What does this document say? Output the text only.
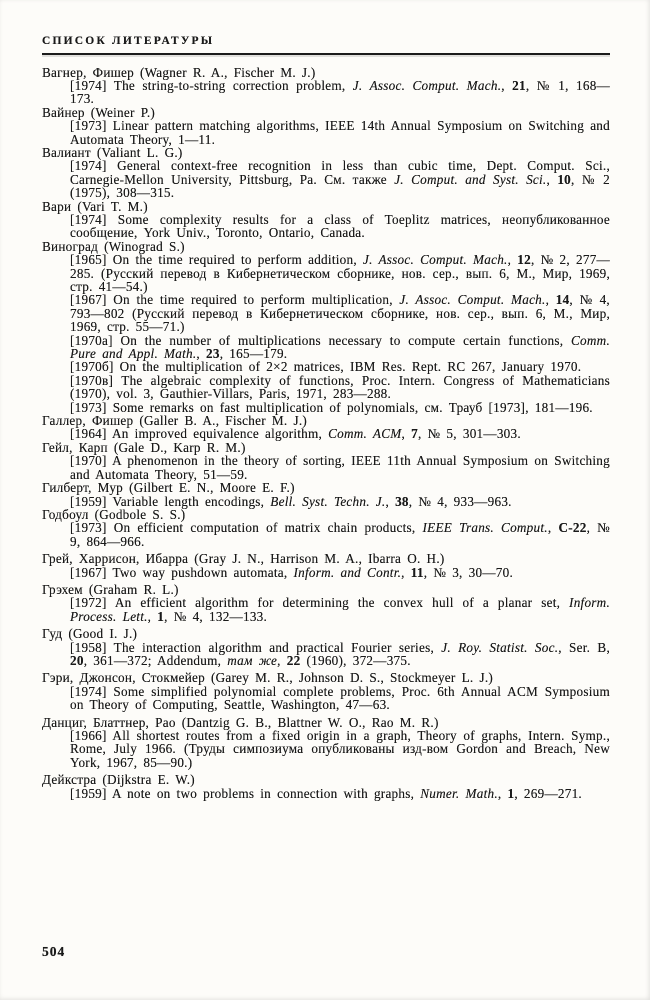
СПИСОК ЛИТЕРАТУРЫ
Вагнер, Фишер (Wagner R. A., Fischer M. J.)
[1974] The string-to-string correction problem, J. Assoc. Comput. Mach., 21, № 1, 168—173.
Вайнер (Weiner P.)
[1973] Linear pattern matching algorithms, IEEE 14th Annual Symposium on Switching and Automata Theory, 1—11.
Валиант (Valiant L. G.)
[1974] General context-free recognition in less than cubic time, Dept. Comput. Sci., Carnegie-Mellon University, Pittsburg, Pa. См. также J. Comput. and Syst. Sci., 10, № 2 (1975), 308—315.
Вари (Vari T. M.)
[1974] Some complexity results for a class of Toeplitz matrices, неопубликованное сообщение, York Univ., Toronto, Ontario, Canada.
Виноград (Winograd S.)
[1965] On the time required to perform addition, J. Assoc. Comput. Mach., 12, № 2, 277—285. (Русский перевод в Кибернетическом сборнике, нов. сер., вып. 6, М., Мир, 1969, стр. 41—54.)
[1967] On the time required to perform multiplication, J. Assoc. Comput. Mach., 14, № 4, 793—802 (Русский перевод в Кибернетическом сборнике, нов. сер., вып. 6, М., Мир, 1969, стр. 55—71.)
[1970а] On the number of multiplications necessary to compute certain functions, Comm. Pure and Appl. Math., 23, 165—179.
[1970б] On the multiplication of 2×2 matrices, IBM Res. Rept. RC 267, January 1970.
[1970в] The algebraic complexity of functions, Proc. Intern. Congress of Mathematicians (1970), vol. 3, Gauthier-Villars, Paris, 1971, 283—288.
[1973] Some remarks on fast multiplication of polynomials, см. Трауб [1973], 181—196.
Галлер, Фишер (Galler B. A., Fischer M. J.)
[1964] An improved equivalence algorithm, Comm. ACM, 7, № 5, 301—303.
Гейл, Карп (Gale D., Karp R. M.)
[1970] A phenomenon in the theory of sorting, IEEE 11th Annual Symposium on Switching and Automata Theory, 51—59.
Гилберт, Мур (Gilbert E. N., Moore E. F.)
[1959] Variable length encodings, Bell. Syst. Techn. J., 38, № 4, 933—963.
Годбоул (Godbole S. S.)
[1973] On efficient computation of matrix chain products, IEEE Trans. Comput., C-22, № 9, 864—966.
Грей, Харрисон, Ибарра (Gray J. N., Harrison M. A., Ibarra O. H.)
[1967] Two way pushdown automata, Inform. and Contr., 11, № 3, 30—70.
Грэхем (Graham R. L.)
[1972] An efficient algorithm for determining the convex hull of a planar set, Inform. Process. Lett., 1, № 4, 132—133.
Гуд (Good I. J.)
[1958] The interaction algorithm and practical Fourier series, J. Roy. Statist. Soc., Ser. B, 20, 361—372; Addendum, там же, 22 (1960), 372—375.
Гэри, Джонсон, Стокмейер (Garey M. R., Johnson D. S., Stockmeyer L. J.)
[1974] Some simplified polynomial complete problems, Proc. 6th Annual ACM Symposium on Theory of Computing, Seattle, Washington, 47—63.
Данциг, Блаттнер, Рао (Dantzig G. B., Blattner W. O., Rao M. R.)
[1966] All shortest routes from a fixed origin in a graph, Theory of graphs, Intern. Symp., Rome, July 1966. (Труды симпозиума опубликованы изд-вом Gordon and Breach, New York, 1967, 85—90.)
Дейкстра (Dijkstra E. W.)
[1959] A note on two problems in connection with graphs, Numer. Math., 1, 269—271.
504
